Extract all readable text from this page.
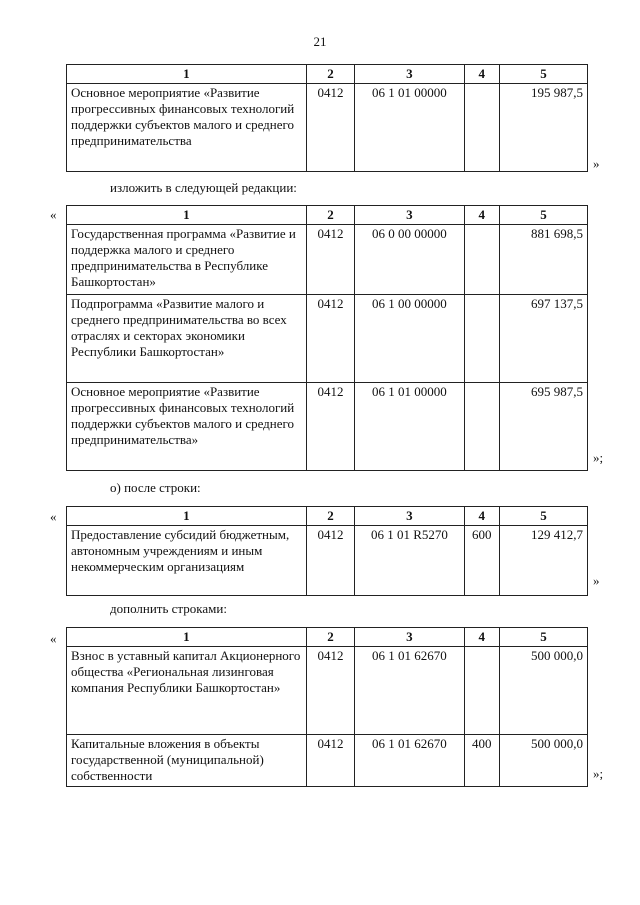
21
1	2	3	4	5
Основное мероприятие «Развитие прогрессивных финансовых технологий поддержки субъектов малого и среднего предпринимательства	0412	06 1 01 00000		195 987,5
»
изложить в следующей редакции:
«	1	2	3	4	5
Государственная программа «Развитие и поддержка малого и среднего предпринимательства в Республике Башкортостан»	0412	06 0 00 00000		881 698,5
Подпрограмма «Развитие малого и среднего предпринимательства во всех отраслях и секторах экономики Республики Башкортостан»	0412	06 1 00 00000		697 137,5
Основное мероприятие «Развитие прогрессивных финансовых технологий поддержки субъектов малого и среднего предпринимательства»	0412	06 1 01 00000		695 987,5
»;
о) после строки:
«	1	2	3	4	5
Предоставление субсидий бюджетным, автономным учреждениям и иным некоммерческим организациям	0412	06 1 01 R5270	600	129 412,7
»
дополнить строками:
«	1	2	3	4	5
Взнос в уставный капитал Акционерного общества «Региональная лизинговая компания Республики Башкортостан»	0412	06 1 01 62670		500 000,0
Капитальные вложения в объекты государственной (муниципальной) собственности	0412	06 1 01 62670	400	500 000,0
»;
